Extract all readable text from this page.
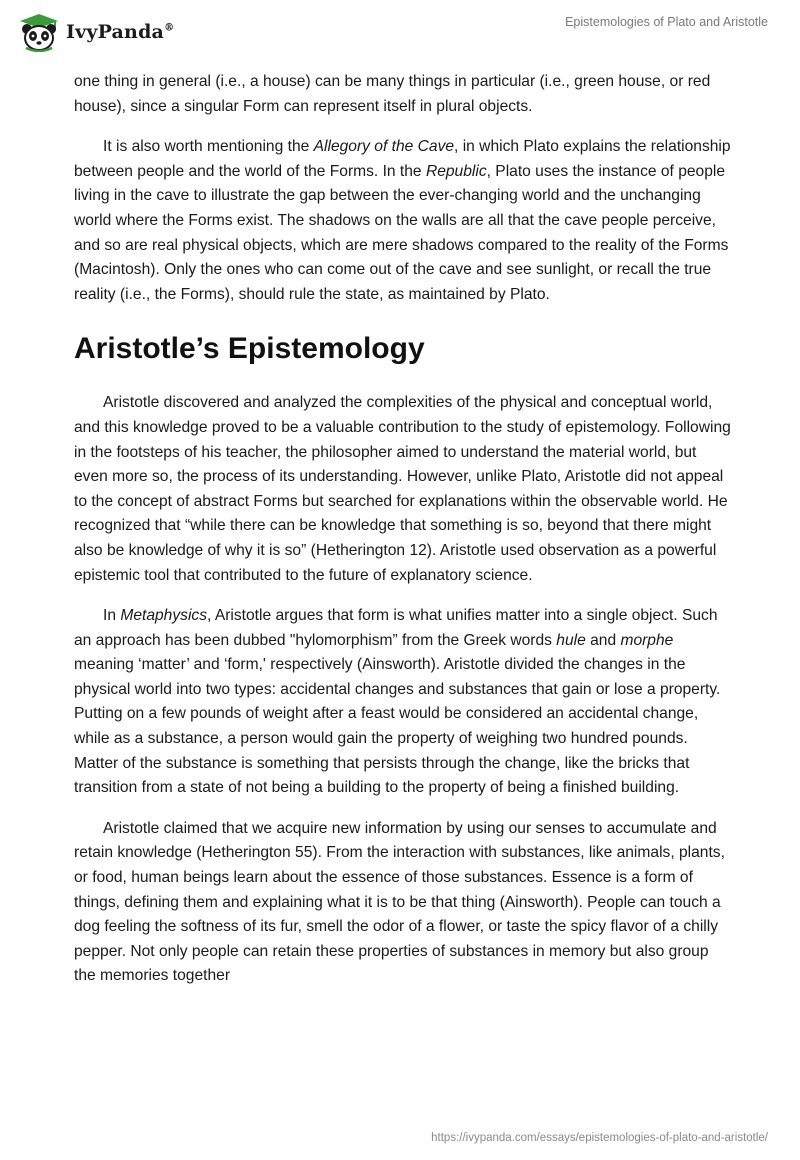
IvyPanda®	Epistemologies of Plato and Aristotle

one thing in general (i.e., a house) can be many things in particular (i.e., green house, or red house), since a singular Form can represent itself in plural objects.

It is also worth mentioning the Allegory of the Cave, in which Plato explains the relationship between people and the world of the Forms. In the Republic, Plato uses the instance of people living in the cave to illustrate the gap between the ever-changing world and the unchanging world where the Forms exist. The shadows on the walls are all that the cave people perceive, and so are real physical objects, which are mere shadows compared to the reality of the Forms (Macintosh). Only the ones who can come out of the cave and see sunlight, or recall the true reality (i.e., the Forms), should rule the state, as maintained by Plato.

Aristotle’s Epistemology

Aristotle discovered and analyzed the complexities of the physical and conceptual world, and this knowledge proved to be a valuable contribution to the study of epistemology. Following in the footsteps of his teacher, the philosopher aimed to understand the material world, but even more so, the process of its understanding. However, unlike Plato, Aristotle did not appeal to the concept of abstract Forms but searched for explanations within the observable world. He recognized that “while there can be knowledge that something is so, beyond that there might also be knowledge of why it is so” (Hetherington 12). Aristotle used observation as a powerful epistemic tool that contributed to the future of explanatory science.

In Metaphysics, Aristotle argues that form is what unifies matter into a single object. Such an approach has been dubbed "hylomorphism” from the Greek words hule and morphe meaning ‘matter’ and ‘form,' respectively (Ainsworth). Aristotle divided the changes in the physical world into two types: accidental changes and substances that gain or lose a property. Putting on a few pounds of weight after a feast would be considered an accidental change, while as a substance, a person would gain the property of weighing two hundred pounds. Matter of the substance is something that persists through the change, like the bricks that transition from a state of not being a building to the property of being a finished building.

Aristotle claimed that we acquire new information by using our senses to accumulate and retain knowledge (Hetherington 55). From the interaction with substances, like animals, plants, or food, human beings learn about the essence of those substances. Essence is a form of things, defining them and explaining what it is to be that thing (Ainsworth). People can touch a dog feeling the softness of its fur, smell the odor of a flower, or taste the spicy flavor of a chilly pepper. Not only people can retain these properties of substances in memory but also group the memories together

https://ivypanda.com/essays/epistemologies-of-plato-and-aristotle/
